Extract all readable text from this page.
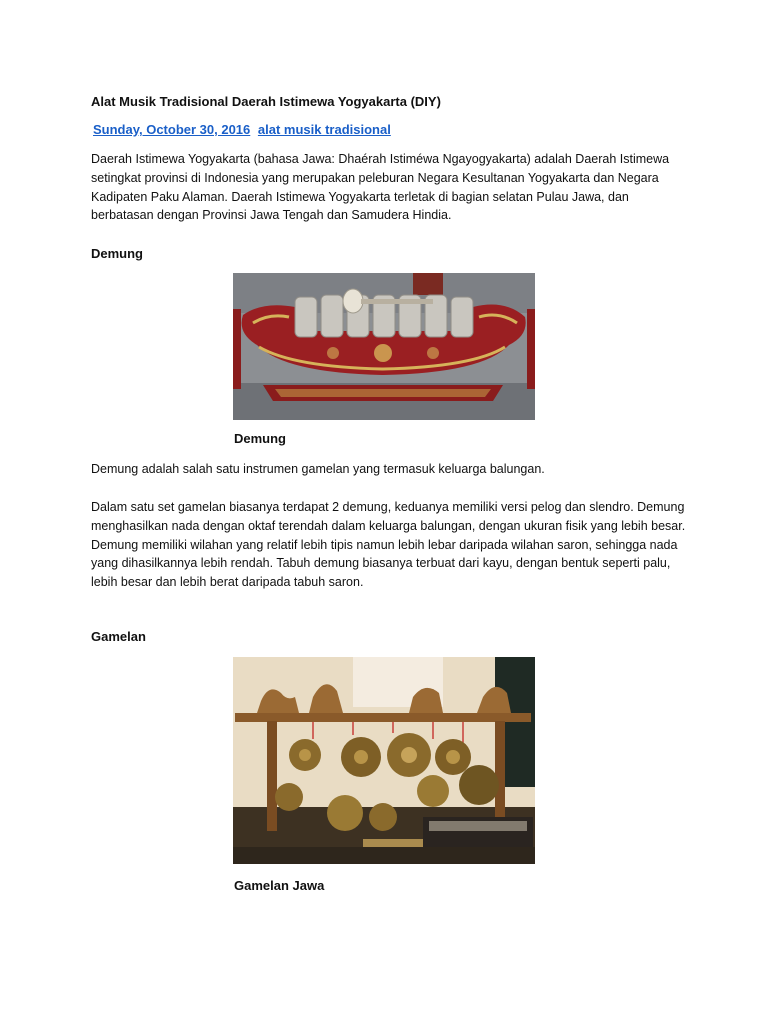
Alat Musik Tradisional Daerah Istimewa Yogyakarta (DIY)
Sunday, October 30, 2016 alat musik tradisional

Daerah Istimewa Yogyakarta (bahasa Jawa: Dhaérah Istiméwa Ngayogyakarta) adalah Daerah Istimewa setingkat provinsi di Indonesia yang merupakan peleburan Negara Kesultanan Yogyakarta dan Negara Kadipaten Paku Alaman. Daerah Istimewa Yogyakarta terletak di bagian selatan Pulau Jawa, dan berbatasan dengan Provinsi Jawa Tengah dan Samudera Hindia.

Demung
Demung

Demung adalah salah satu instrumen gamelan yang termasuk keluarga balungan.

Dalam satu set gamelan biasanya terdapat 2 demung, keduanya memiliki versi pelog dan slendro. Demung menghasilkan nada dengan oktaf terendah dalam keluarga balungan, dengan ukuran fisik yang lebih besar. Demung memiliki wilahan yang relatif lebih tipis namun lebih lebar daripada wilahan saron, sehingga nada yang dihasilkannya lebih rendah. Tabuh demung biasanya terbuat dari kayu, dengan bentuk seperti palu, lebih besar dan lebih berat daripada tabuh saron.

Gamelan
Gamelan Jawa
